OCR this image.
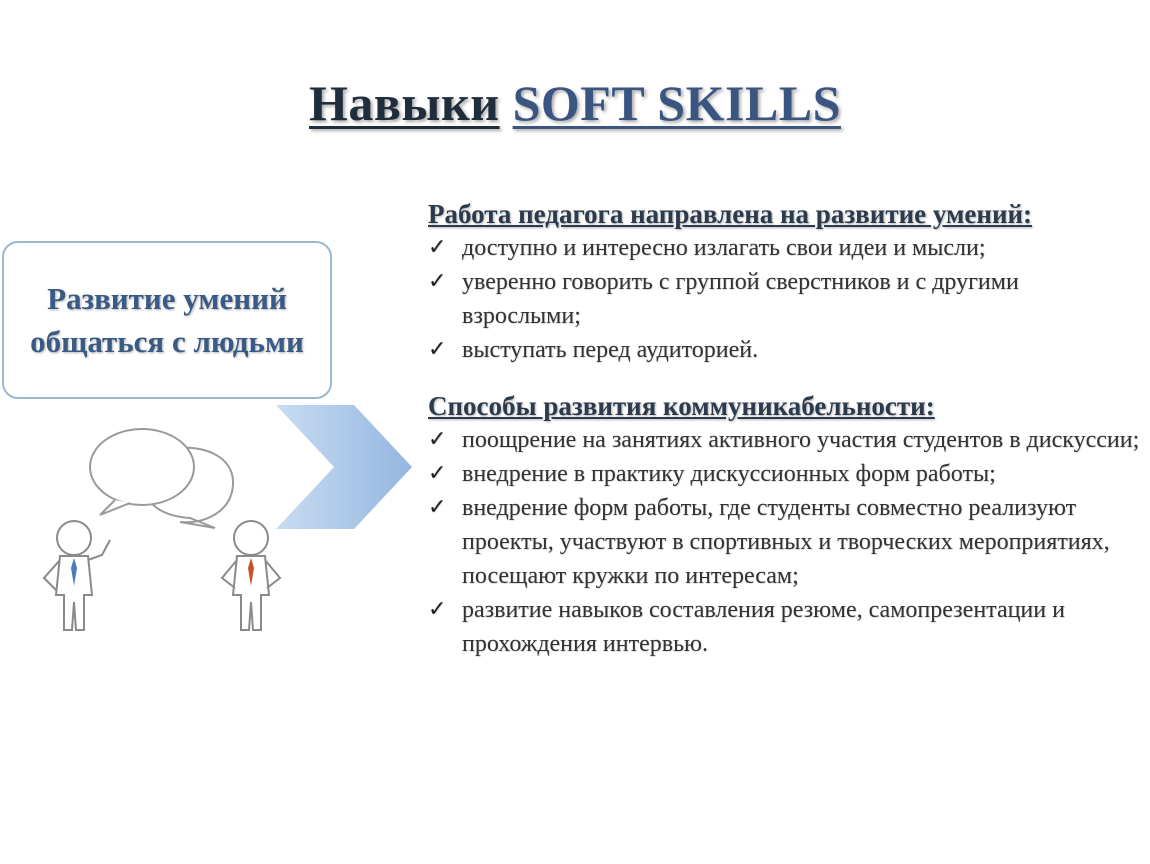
Навыки SOFT SKILLS
Развитие умений общаться с людьми
Работа педагога направлена на развитие умений:
✓ доступно и интересно излагать свои идеи и мысли;
✓ уверенно говорить с группой сверстников и с другими взрослыми;
✓ выступать перед аудиторией.
Способы развития коммуникабельности:
✓ поощрение на занятиях активного участия студентов в дискуссии;
✓ внедрение в практику дискуссионных форм работы;
✓ внедрение форм работы, где студенты совместно реализуют проекты, участвуют в спортивных и творческих мероприятиях, посещают кружки по интересам;
✓ развитие навыков составления резюме, самопрезентации и прохождения интервью.
